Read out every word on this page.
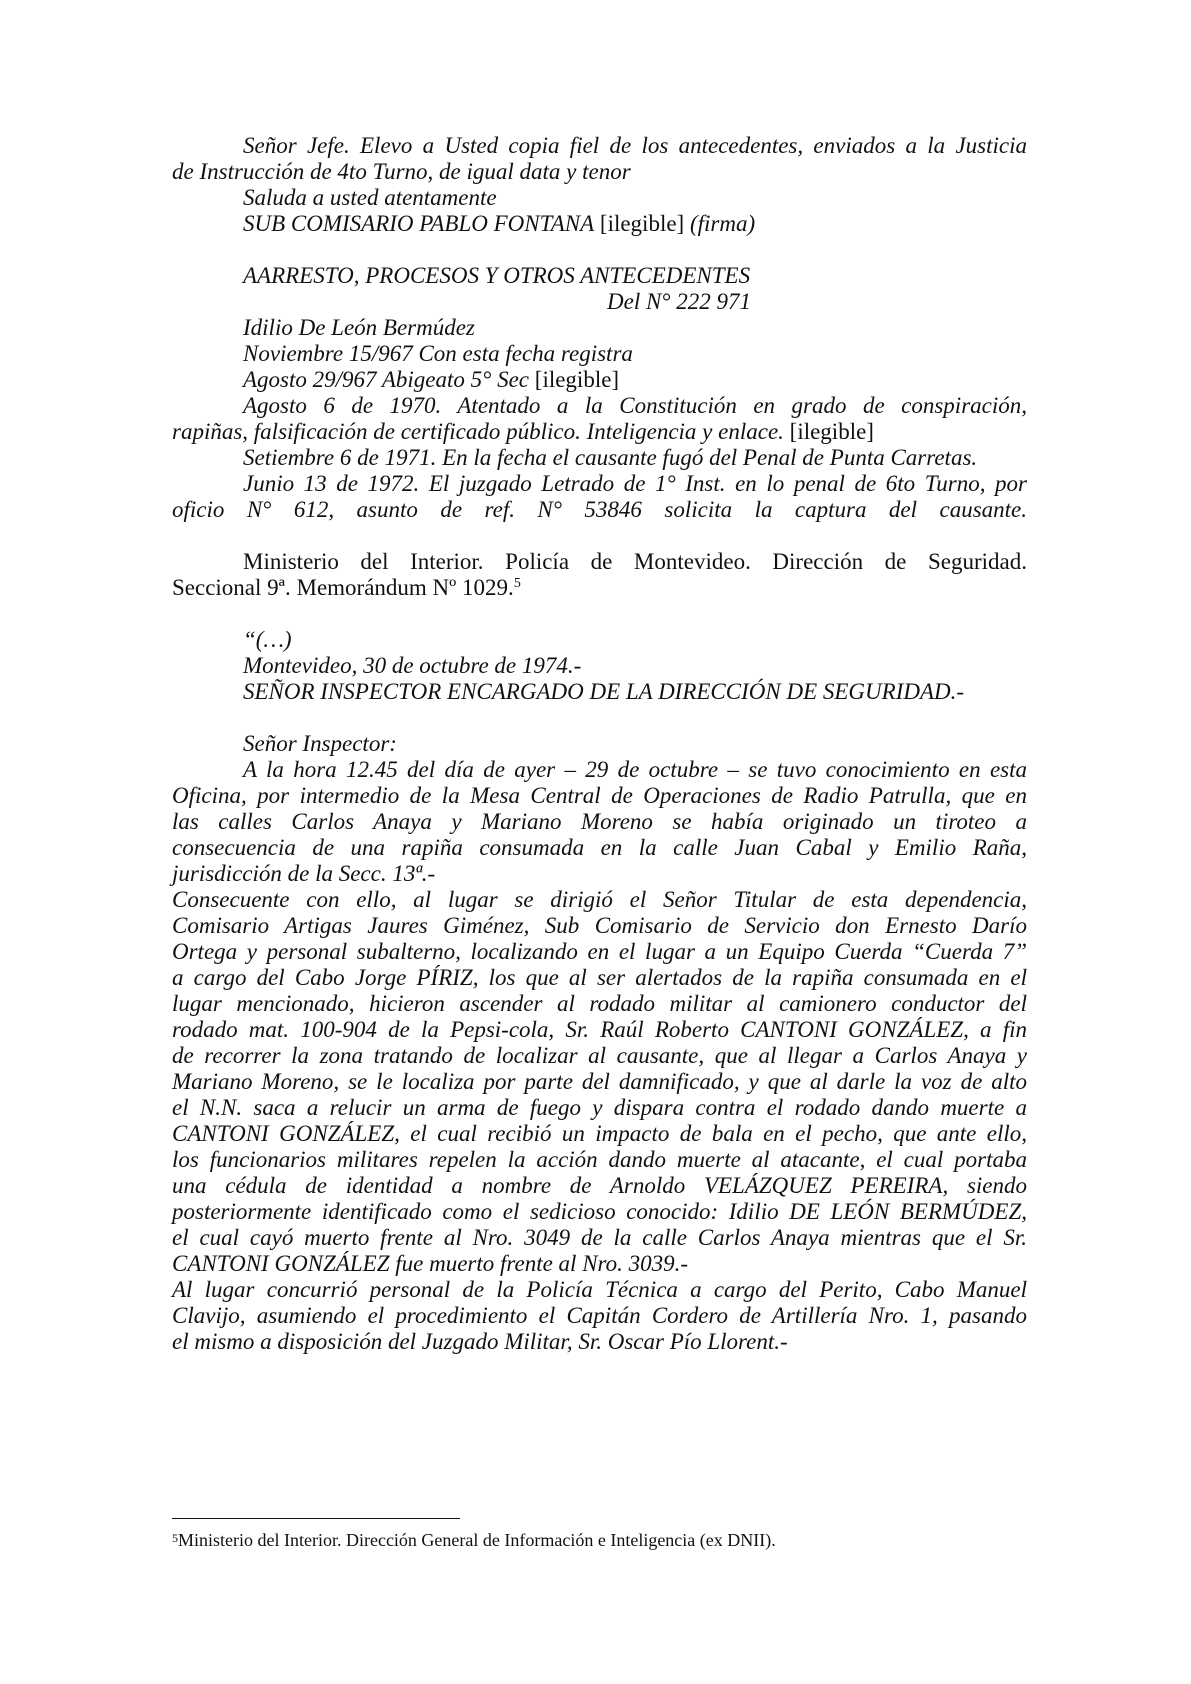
Señor Jefe. Elevo a Usted copia fiel de los antecedentes, enviados a la Justicia
de Instrucción de 4to Turno, de igual data y tenor
Saluda a usted atentamente
SUB COMISARIO PABLO FONTANA [ilegible] (firma)
AARRESTO, PROCESOS Y OTROS ANTECEDENTES
Del N° 222 971
Idilio De León Bermúdez
Noviembre 15/967 Con esta fecha registra
Agosto 29/967 Abigeato 5° Sec [ilegible]
Agosto 6 de 1970. Atentado a la Constitución en grado de conspiración,
rapiñas, falsificación de certificado público. Inteligencia y enlace. [ilegible]
Setiembre 6 de 1971. En la fecha el causante fugó del Penal de Punta Carretas.
Junio 13 de 1972. El juzgado Letrado de 1° Inst. en lo penal de 6to Turno, por
oficio N° 612, asunto de ref. N° 53846 solicita la captura del causante.
Ministerio del Interior. Policía de Montevideo. Dirección de Seguridad.
Seccional 9ª. Memorándum Nº 1029.$^5$
“(…)
Montevideo, 30 de octubre de 1974.-
SEÑOR INSPECTOR ENCARGADO DE LA DIRECCIÓN DE SEGURIDAD.-
Señor Inspector:
A la hora 12.45 del día de ayer – 29 de octubre – se tuvo conocimiento en esta
Oficina, por intermedio de la Mesa Central de Operaciones de Radio Patrulla, que en
las calles Carlos Anaya y Mariano Moreno se había originado un tiroteo a
consecuencia de una rapiña consumada en la calle Juan Cabal y Emilio Raña,
jurisdicción de la Secc. 13ª.-
Consecuente con ello, al lugar se dirigió el Señor Titular de esta dependencia,
Comisario Artigas Jaures Giménez, Sub Comisario de Servicio don Ernesto Darío
Ortega y personal subalterno, localizando en el lugar a un Equipo Cuerda “Cuerda 7”
a cargo del Cabo Jorge PÍRIZ, los que al ser alertados de la rapiña consumada en el
lugar mencionado, hicieron ascender al rodado militar al camionero conductor del
rodado mat. 100-904 de la Pepsi-cola, Sr. Raúl Roberto CANTONI GONZÁLEZ, a fin
de recorrer la zona tratando de localizar al causante, que al llegar a Carlos Anaya y
Mariano Moreno, se le localiza por parte del damnificado, y que al darle la voz de alto
el N.N. saca a relucir un arma de fuego y dispara contra el rodado dando muerte a
CANTONI GONZÁLEZ, el cual recibió un impacto de bala en el pecho, que ante ello,
los funcionarios militares repelen la acción dando muerte al atacante, el cual portaba
una cédula de identidad a nombre de Arnoldo VELÁZQUEZ PEREIRA, siendo
posteriormente identificado como el sedicioso conocido: Idilio DE LEÓN BERMÚDEZ,
el cual cayó muerto frente al Nro. 3049 de la calle Carlos Anaya mientras que el Sr.
CANTONI GONZÁLEZ fue muerto frente al Nro. 3039.-
Al lugar concurrió personal de la Policía Técnica a cargo del Perito, Cabo Manuel
Clavijo, asumiendo el procedimiento el Capitán Cordero de Artillería Nro. 1, pasando
el mismo a disposición del Juzgado Militar, Sr. Oscar Pío Llorent.-
$^5$Ministerio del Interior. Dirección General de Información e Inteligencia (ex DNII).
